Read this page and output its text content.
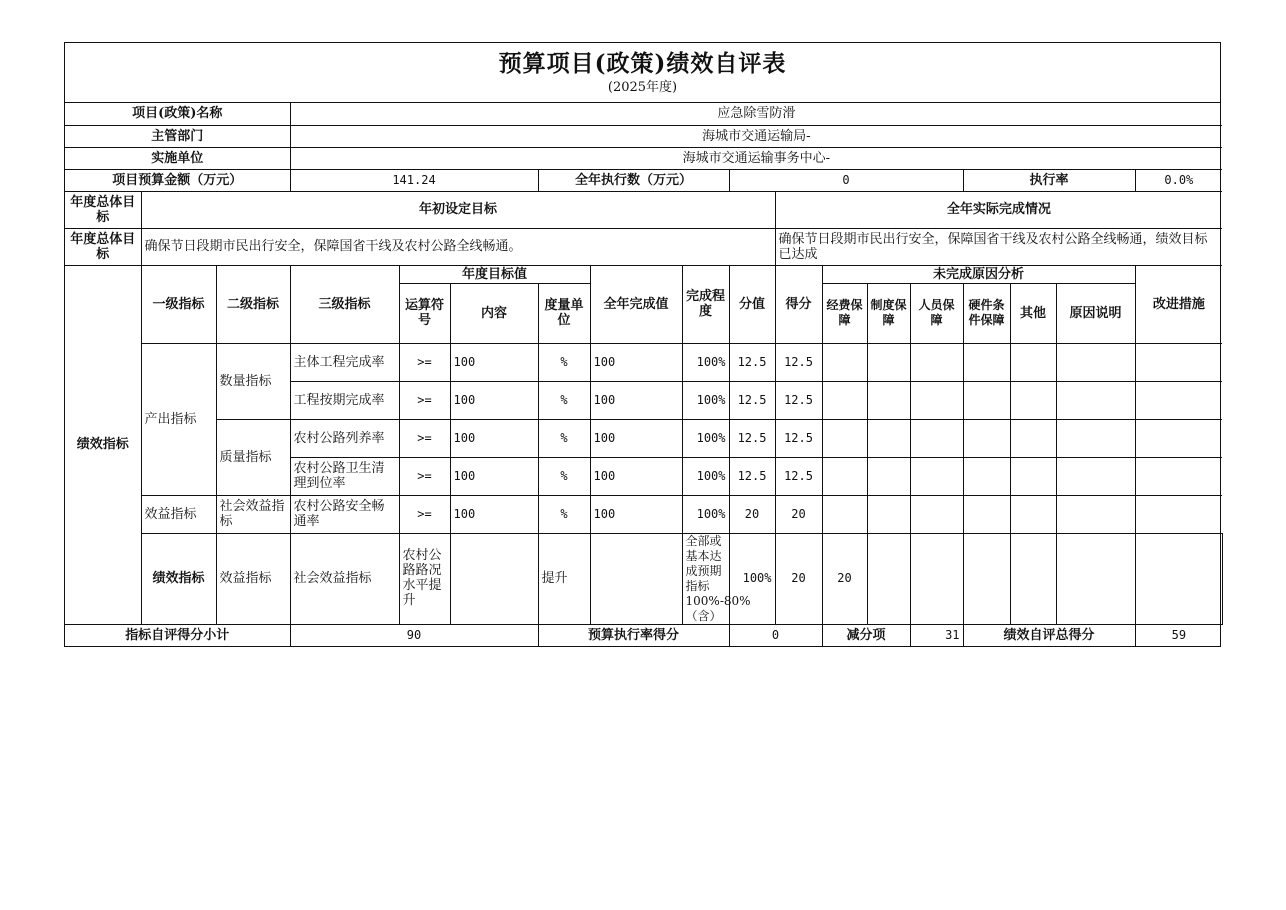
预算项目(政策)绩效自评表
(2025年度)
项目(政策)名称			应急除雪防滑															
主管部门			海城市交通运输局-															
实施单位			海城市交通运输事务中心-															
项目预算金额（万元）			141.24			全年执行数（万元）			0					执行率			0.0%	
年度总体目标	年初设定目标									全年实际完成情况								
年度总体目标	确保节日段期市民出行安全，保障国省干线及农村公路全线畅通。									确保节日段期市民出行安全，保障国省干线及农村公路全线畅通，绩效目标已达成								
绩效指标	一级指标	二级指标	三级指标	年度目标值			全年完成值	完成程度	分值	得分	未完成原因分析						改进措施	
				运算符号	内容	度量单位					经费保障	制度保障	人员保障	硬件条件保障	其他	原因说明		
	产出指标	数量指标	主体工程完成率	>=	100	%	100	100%	12.5	12.5								
			工程按期完成率	>=	100	%	100	100%	12.5	12.5								
		质量指标	农村公路列养率	>=	100	%	100	100%	12.5	12.5								
			农村公路卫生清理到位率	>=	100	%	100	100%	12.5	12.5								
	效益指标	社会效益指标	农村公路安全畅通率	>=	100	%	100	100%	20	20								
	绩效指标	效益指标	社会效益指标	农村公路路况水平提升		提升		全部或基本达成预期指标100%-80%（含）	100%	20	20							
指标自评得分小计			90			预算执行率得分			0		减分项		31	绩效自评总得分			59	
